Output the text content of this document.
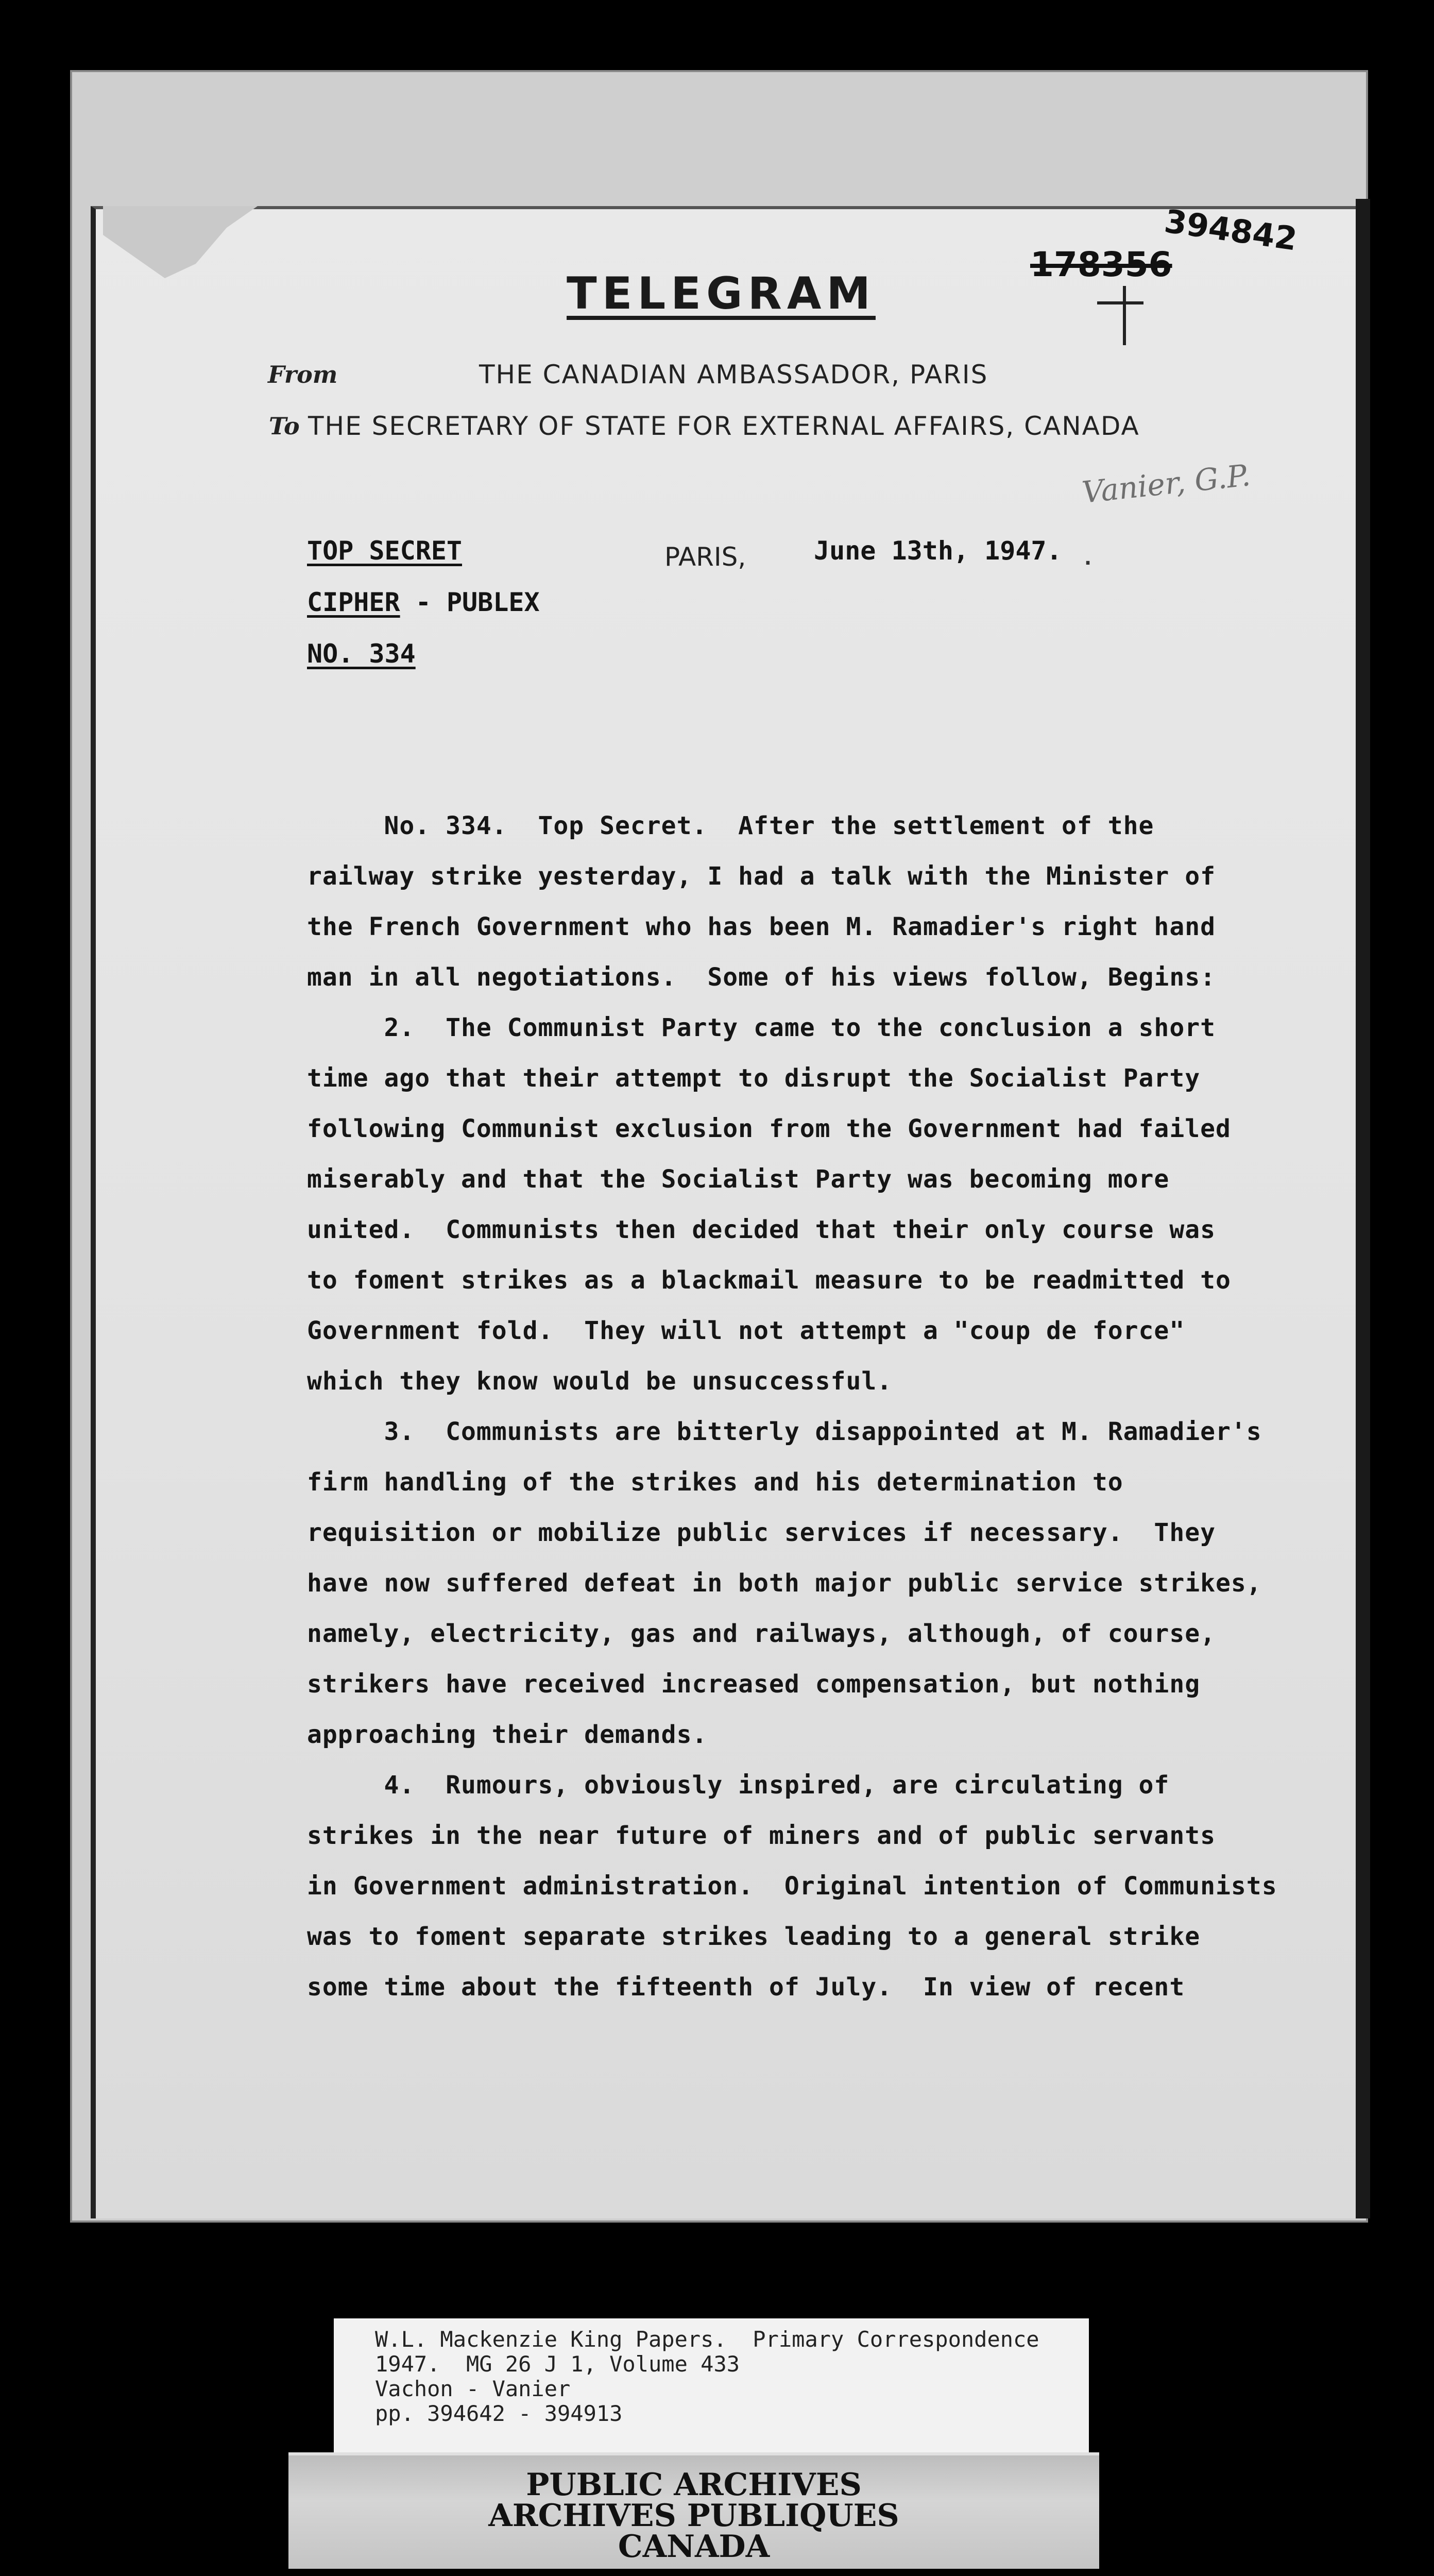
TELEGRAM
394842
178356
From	THE CANADIAN AMBASSADOR, PARIS
To THE SECRETARY OF STATE FOR EXTERNAL AFFAIRS, CANADA
Vanier, G.P.
TOP SECRET
CIPHER - PUBLEX
NO. 334
PARIS,	June 13th, 1947. .
No. 334.  Top Secret.  After the settlement of the
railway strike yesterday, I had a talk with the Minister of
the French Government who has been M. Ramadier's right hand
man in all negotiations.  Some of his views follow, Begins:
2.  The Communist Party came to the conclusion a short
time ago that their attempt to disrupt the Socialist Party
following Communist exclusion from the Government had failed
miserably and that the Socialist Party was becoming more
united.  Communists then decided that their only course was
to foment strikes as a blackmail measure to be readmitted to
Government fold.  They will not attempt a "coup de force"
which they know would be unsuccessful.
3.  Communists are bitterly disappointed at M. Ramadier's
firm handling of the strikes and his determination to
requisition or mobilize public services if necessary.  They
have now suffered defeat in both major public service strikes,
namely, electricity, gas and railways, although, of course,
strikers have received increased compensation, but nothing
approaching their demands.
4.  Rumours, obviously inspired, are circulating of
strikes in the near future of miners and of public servants
in Government administration.  Original intention of Communists
was to foment separate strikes leading to a general strike
some time about the fifteenth of July.  In view of recent
W.L. Mackenzie King Papers.  Primary Correspondence
1947.  MG 26 J 1, Volume 433
Vachon - Vanier
pp. 394642 - 394913
PUBLIC ARCHIVES
ARCHIVES PUBLIQUES
CANADA
